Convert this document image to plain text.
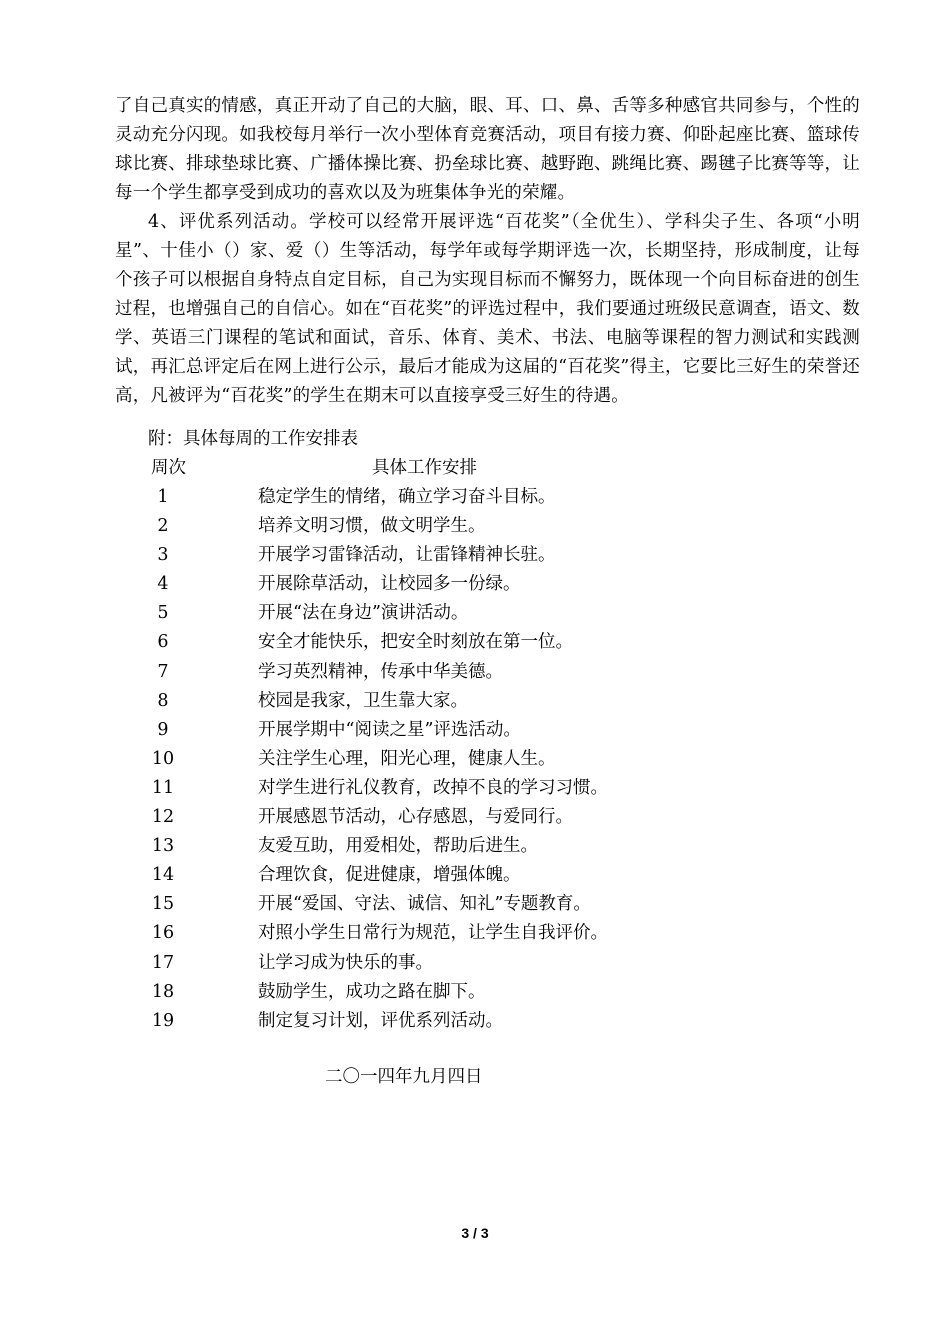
了自己真实的情感，真正开动了自己的大脑，眼、耳、口、鼻、舌等多种感官共同参与，个性的灵动充分闪现。如我校每月举行一次小型体育竞赛活动，项目有接力赛、仰卧起座比赛、篮球传球比赛、排球垫球比赛、广播体操比赛、扔垒球比赛、越野跑、跳绳比赛、踢毽子比赛等等，让每一个学生都享受到成功的喜欢以及为班集体争光的荣耀。

4、评优系列活动。学校可以经常开展评选“百花奖”（全优生）、学科尖子生、各项“小明星”、十佳小（）家、爱（）生等活动，每学年或每学期评选一次，长期坚持，形成制度，让每个孩子可以根据自身特点自定目标，自己为实现目标而不懈努力，既体现一个向目标奋进的创生过程，也增强自己的自信心。如在“百花奖”的评选过程中，我们要通过班级民意调查，语文、数学、英语三门课程的笔试和面试，音乐、体育、美术、书法、电脑等课程的智力测试和实践测试，再汇总评定后在网上进行公示，最后才能成为这届的“百花奖”得主，它要比三好生的荣誉还高，凡被评为“百花奖”的学生在期末可以直接享受三好生的待遇。

附：具体每周的工作安排表
周次	具体工作安排
1	稳定学生的情绪，确立学习奋斗目标。
2	培养文明习惯，做文明学生。
3	开展学习雷锋活动，让雷锋精神长驻。
4	开展除草活动，让校园多一份绿。
5	开展“法在身边”演讲活动。
6	安全才能快乐，把安全时刻放在第一位。
7	学习英烈精神，传承中华美德。
8	校园是我家，卫生靠大家。
9	开展学期中“阅读之星”评选活动。
10	关注学生心理，阳光心理，健康人生。
11	对学生进行礼仪教育，改掉不良的学习习惯。
12	开展感恩节活动，心存感恩，与爱同行。
13	友爱互助，用爱相处，帮助后进生。
14	合理饮食，促进健康，增强体魄。
15	开展“爱国、守法、诚信、知礼”专题教育。
16	对照小学生日常行为规范，让学生自我评价。
17	让学习成为快乐的事。
18	鼓励学生，成功之路在脚下。
19	制定复习计划，评优系列活动。
二〇一四年九月四日
3 / 3
